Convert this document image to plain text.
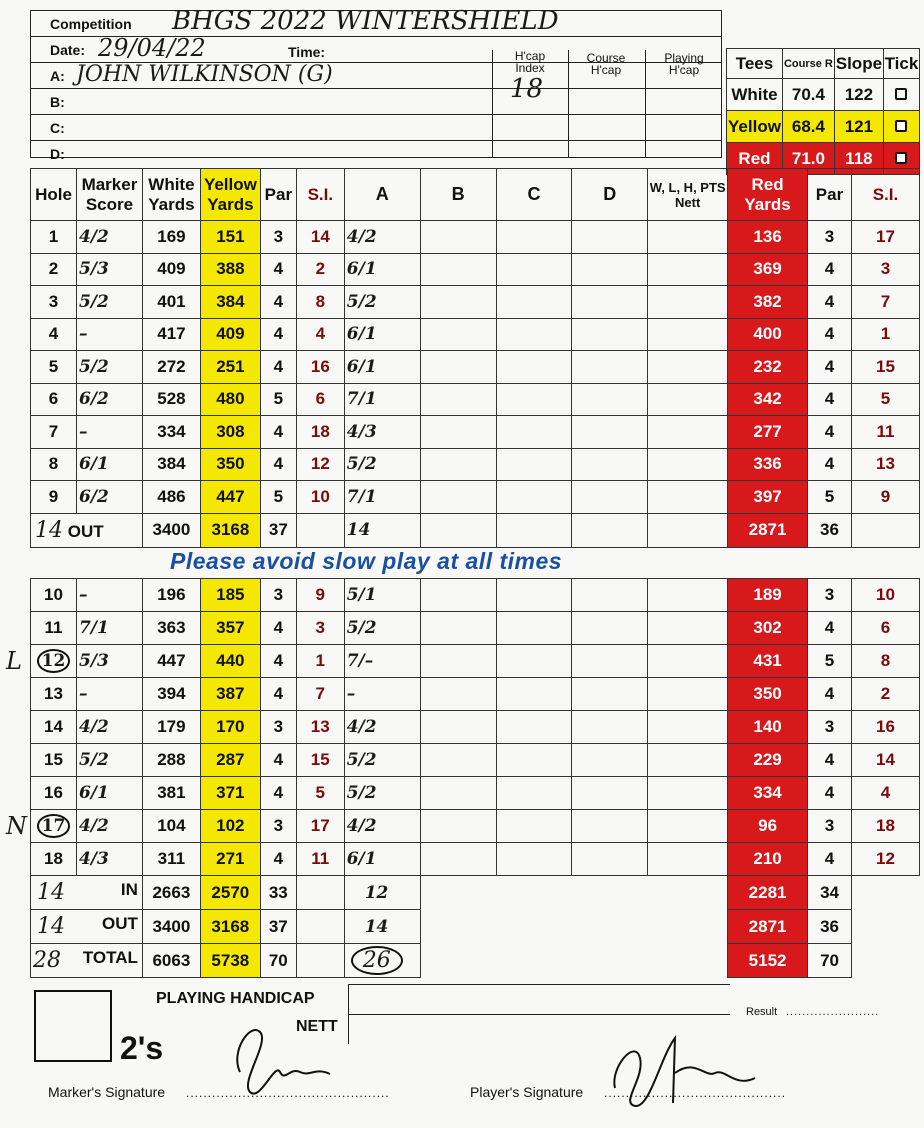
Competition BHGS 2022 WINTERSHIELD
Date: 29/04/22	Time:
A: JOHN WILKINSON (G)
B:
C:
D:
H'cap Index
18
Course H'cap
Playing H'cap	Tees	Course R	Slope	Tick
White	70.4	122	
Yellow	68.4	121	
Red	71.0	118	
Hole	Marker Score	White Yards	Yellow Yards	Par	S.I.	A	B	C	D	W, L, H, PTS Nett	Red Yards	Par	S.I.
1	4/2	169	151	3	14	4/2					136	3	17
2	5/3	409	388	4	2	6/1					369	4	3
3	5/2	401	384	4	8	5/2					382	4	7
4	–	417	409	4	4	6/1					400	4	1
5	5/2	272	251	4	16	6/1					232	4	15
6	6/2	528	480	5	6	7/1					342	4	5
7	–	334	308	4	18	4/3					277	4	11
8	6/1	384	350	4	12	5/2					336	4	13
9	6/2	486	447	5	10	7/1					397	5	9
14 OUT		3400	3168	37		14					2871	36	
Please avoid slow play at all times
10	–	196	185	3	9	5/1					189	3	10
11	7/1	363	357	4	3	5/2					302	4	6
12	5/3	447	440	4	1	7/–					431	5	8
13	–	394	387	4	7	–					350	4	2
14	4/2	179	170	3	13	4/2					140	3	16
15	5/2	288	287	4	15	5/2					229	4	14
16	6/1	381	371	4	5	5/2					334	4	4
17	4/2	104	102	3	17	4/2					96	3	18
18	4/3	311	271	4	11	6/1					210	4	12

14 IN		2663	2570	33		12					2281	34	

14 OUT		3400	3168	37		14					2871	36	

28 TOTAL		6063	5738	70		26					5152	70	
2's
PLAYING HANDICAP
NETT
Result .......................
Marker's Signature ...............................................	Player's Signature ..........................................
L
N
